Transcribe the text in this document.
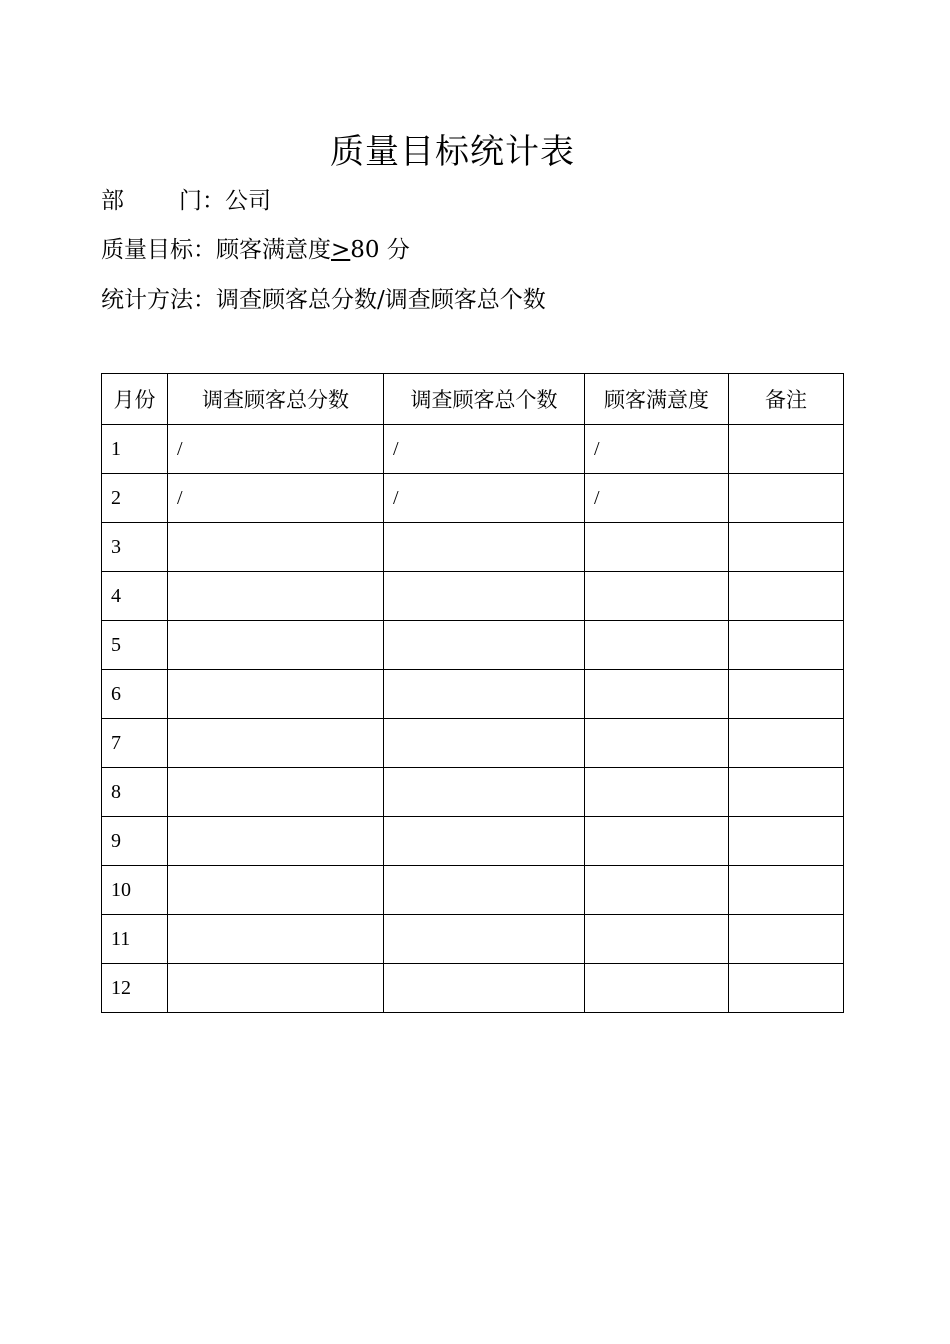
质量目标统计表
部 门：公司
质量目标：顾客满意度>80 分
统计方法：调查顾客总分数/调查顾客总个数
月份	调查顾客总分数	调查顾客总个数	顾客满意度	备注
1	/	/	/	
2	/	/	/	
3				
4				
5				
6				
7				
8				
9				
10				
11				
12				
